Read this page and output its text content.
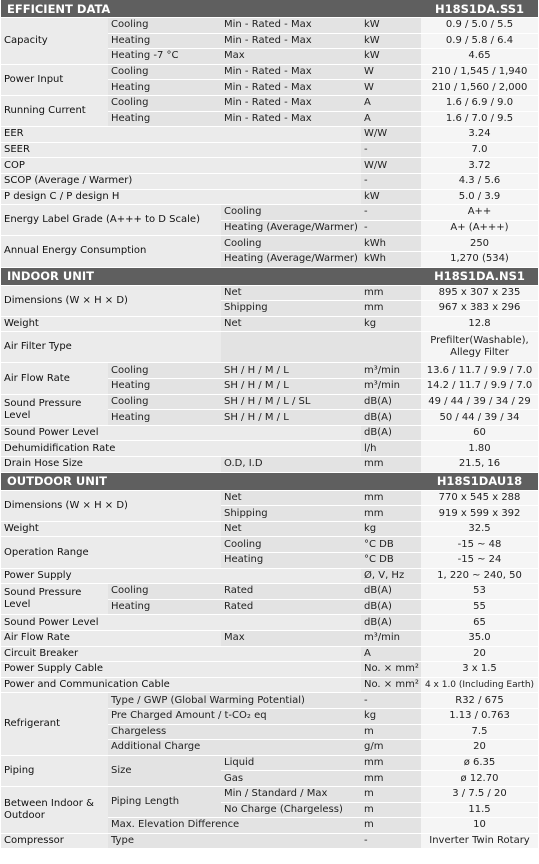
EFFICIENT DATA				H18S1DA.SS1
Capacity	Cooling	Min - Rated - Max	kW	0.9 / 5.0 / 5.5
	Heating	Min - Rated - Max	kW	0.9 / 5.8 / 6.4
	Heating -7 °C	Max	kW	4.65
Power Input	Cooling	Min - Rated - Max	W	210 / 1,545 / 1,940
	Heating	Min - Rated - Max	W	210 / 1,560 / 2,000
Running Current	Cooling	Min - Rated - Max	A	1.6 / 6.9 / 9.0
	Heating	Min - Rated - Max	A	1.6 / 7.0 / 9.5
EER			W/W	3.24
SEER			-	7.0
COP			W/W	3.72
SCOP (Average / Warmer)			-	4.3 / 5.6
P design C / P design H			kW	5.0 / 3.9
Energy Label Grade (A+++ to D Scale)		Cooling	-	A++
		Heating (Average/Warmer)	-	A+ (A+++)
Annual Energy Consumption		Cooling	kWh	250
		Heating (Average/Warmer)	kWh	1,270 (534)
INDOOR UNIT				H18S1DA.NS1
Dimensions (W × H × D)		Net	mm	895 x 307 x 235
		Shipping	mm	967 x 383 x 296
Weight		Net	kg	12.8
Air Filter Type				Prefilter(Washable), Allegy Filter
Air Flow Rate	Cooling	SH / H / M / L	m³/min	13.6 / 11.7 / 9.9 / 7.0
	Heating	SH / H / M / L	m³/min	14.2 / 11.7 / 9.9 / 7.0
Sound Pressure Level	Cooling	SH / H / M / L / SL	dB(A)	49 / 44 / 39 / 34 / 29
	Heating	SH / H / M / L	dB(A)	50 / 44 / 39 / 34
Sound Power Level			dB(A)	60
Dehumidification Rate			l/h	1.80
Drain Hose Size		O.D, I.D	mm	21.5, 16
OUTDOOR UNIT				H18S1DAU18
Dimensions (W × H × D)		Net	mm	770 x 545 x 288
		Shipping	mm	919 x 599 x 392
Weight		Net	kg	32.5
Operation Range		Cooling	°C DB	-15 ~ 48
		Heating	°C DB	-15 ~ 24
Power Supply			Ø, V, Hz	1, 220 ~ 240, 50
Sound Pressure Level	Cooling	Rated	dB(A)	53
	Heating	Rated	dB(A)	55
Sound Power Level			dB(A)	65
Air Flow Rate		Max	m³/min	35.0
Circuit Breaker			A	20
Power Supply Cable			No. × mm²	3 x 1.5
Power and Communication Cable			No. × mm²	4 x 1.0 (Including Earth)
Refrigerant	Type / GWP (Global Warming Potential)		-	R32 / 675
	Pre Charged Amount / t-CO₂ eq		kg	1.13 / 0.763
	Chargeless		m	7.5
	Additional Charge		g/m	20
Piping	Size	Liquid	mm	ø 6.35
		Gas	mm	ø 12.70
Between Indoor & Outdoor	Piping Length	Min / Standard / Max	m	3 / 7.5 / 20
		No Charge (Chargeless)	m	11.5
	Max. Elevation Difference		m	10
Compressor	Type		-	Inverter Twin Rotary
